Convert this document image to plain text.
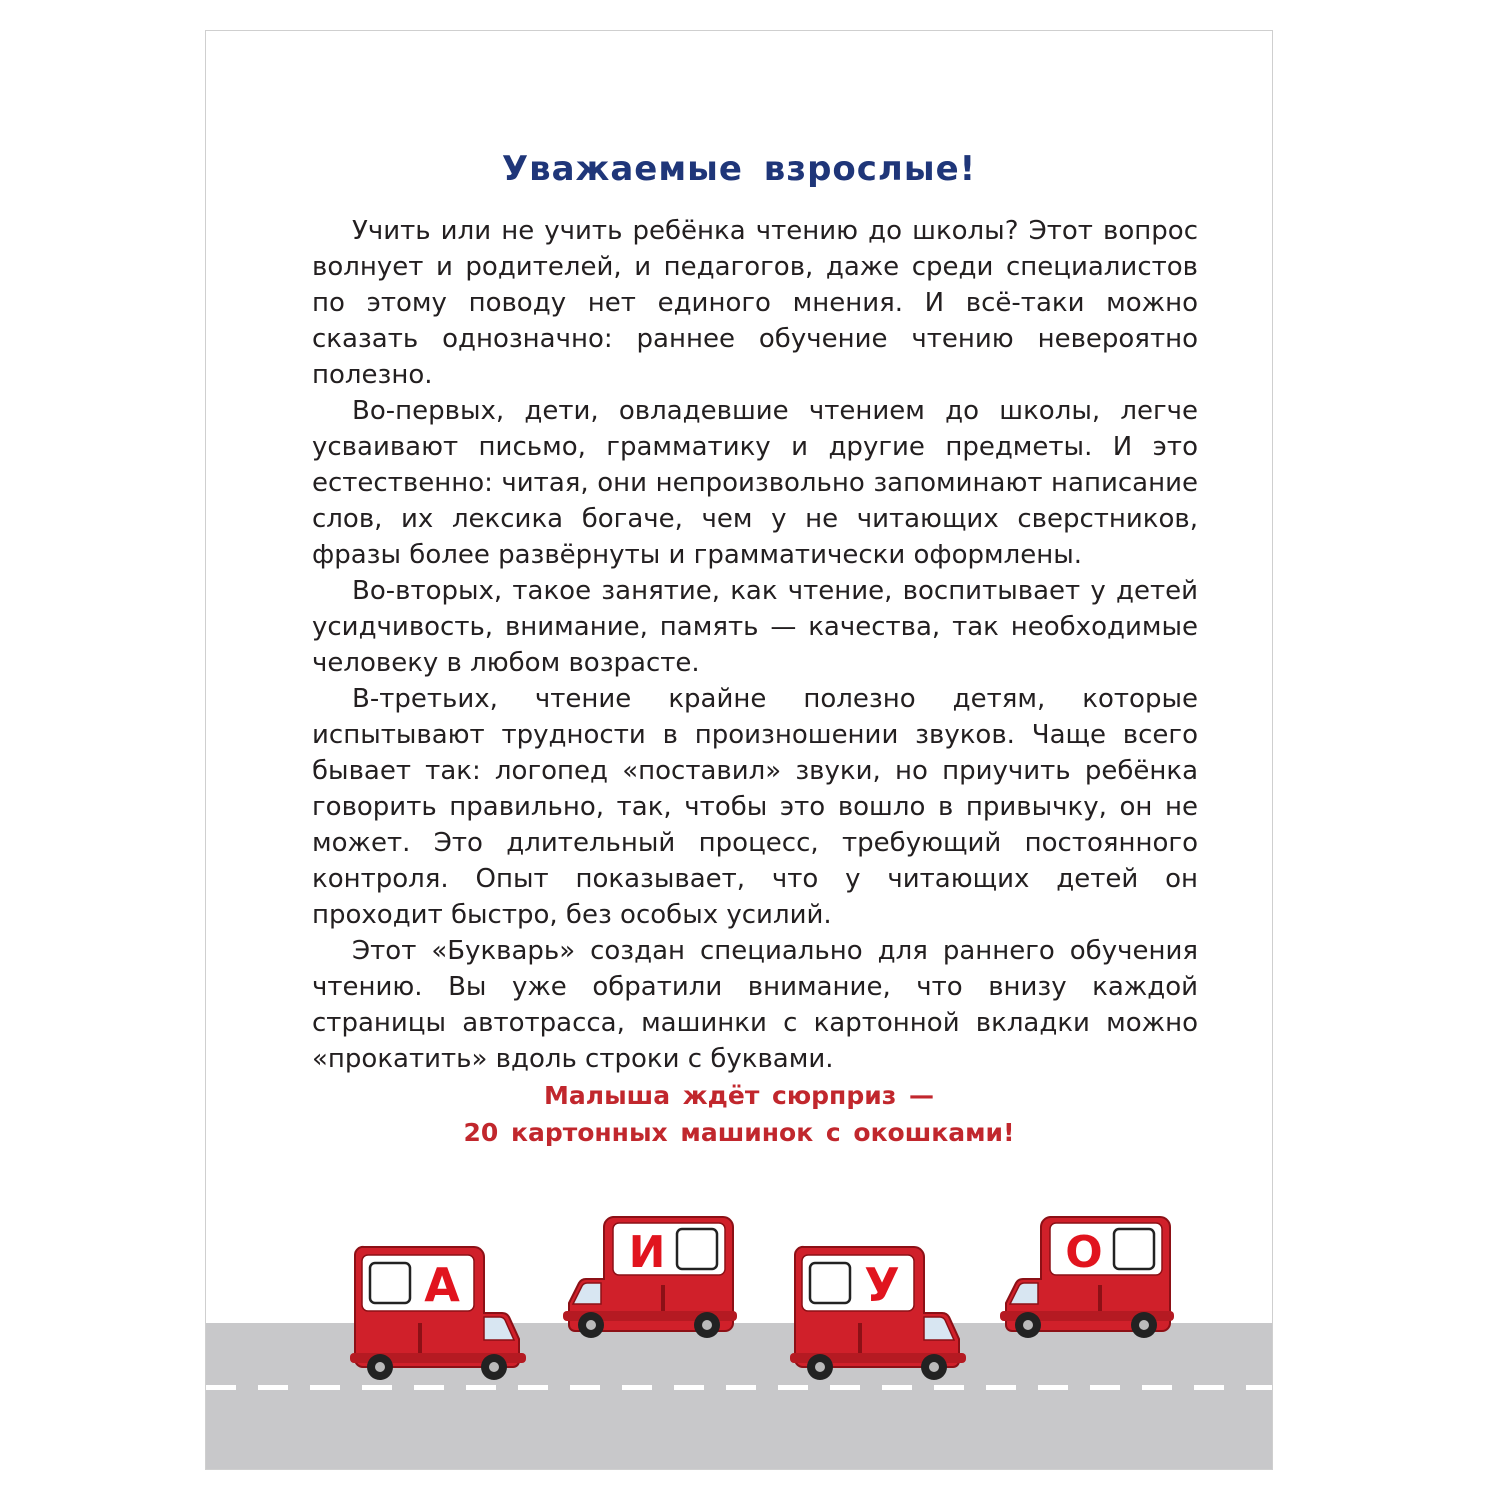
Уважаемые взрослые!

Учить или не учить ребёнка чтению до школы? Этот вопрос волнует и родителей, и педагогов, даже среди специалистов по этому поводу нет единого мнения. И всё-таки можно сказать однозначно: раннее обучение чтению невероятно полезно.

Во-первых, дети, овладевшие чтением до школы, легче усваивают письмо, грамматику и другие предметы. И это естественно: читая, они непроизвольно запоминают написание слов, их лексика богаче, чем у не читающих сверстников, фразы более развёрнуты и грамматически оформлены.

Во-вторых, такое занятие, как чтение, воспитывает у детей усидчивость, внимание, память — качества, так необходимые человеку в любом возрасте.

В-третьих, чтение крайне полезно детям, которые испытывают трудности в произношении звуков. Чаще всего бывает так: логопед «поставил» звуки, но приучить ребёнка говорить правильно, так, чтобы это вошло в привычку, он не может. Это длительный процесс, требующий постоянного контроля. Опыт показывает, что у читающих детей он проходит быстро, без особых усилий.

Этот «Букварь» создан специально для раннего обучения чтению. Вы уже обратили внимание, что внизу каждой страницы автотрасса, машинки с картонной вкладки можно «прокатить» вдоль строки с буквами.

Малыша ждёт сюрприз —
20 картонных машинок с окошками!
А
И
У
О
